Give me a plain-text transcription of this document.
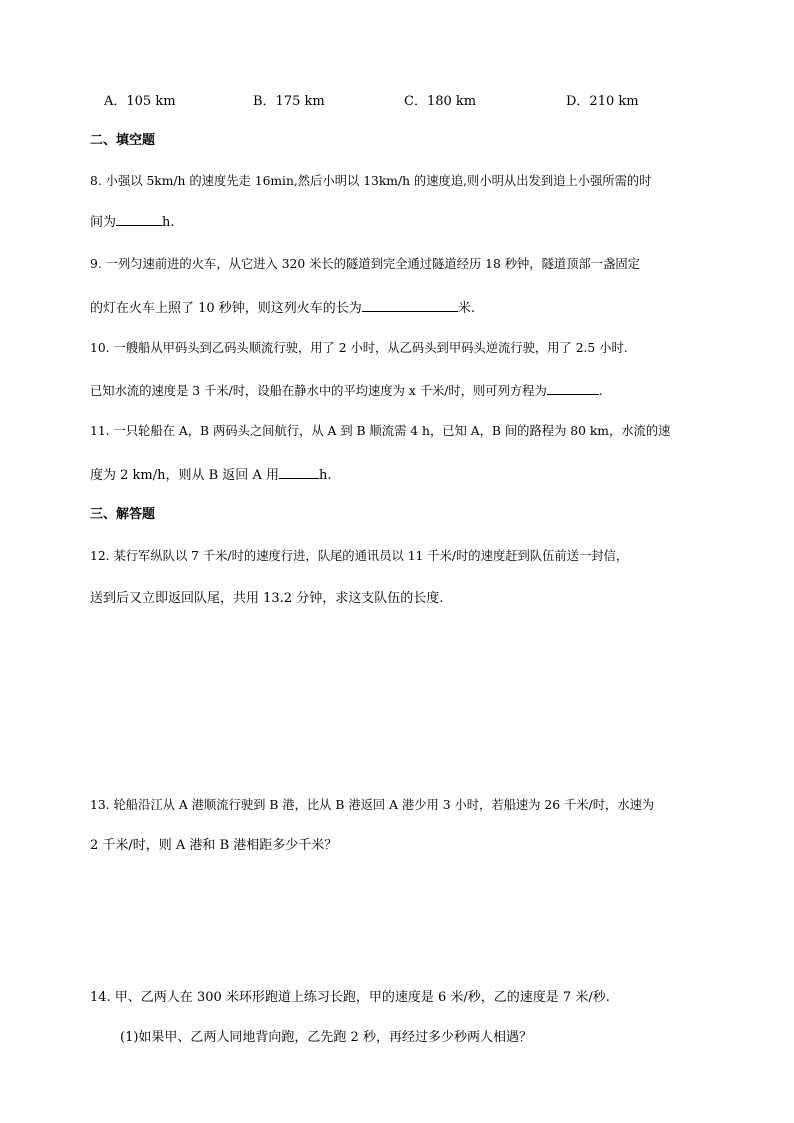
A．105 km	B．175 km	C．180 km	D．210 km
二、填空题
8. 小强以 5km/h 的速度先走 16min,然后小明以 13km/h 的速度追,则小明从出发到追上小强所需的时
间为	h.
9. 一列匀速前进的火车，从它进入 320 米长的隧道到完全通过隧道经历 18 秒钟，隧道顶部一盏固定
的灯在火车上照了 10 秒钟，则这列火车的长为	米.
10. 一艘船从甲码头到乙码头顺流行驶，用了 2 小时，从乙码头到甲码头逆流行驶，用了 2.5 小时.
已知水流的速度是 3 千米/时，设船在静水中的平均速度为 x 千米/时，则可列方程为	.
11. 一只轮船在 A，B 两码头之间航行，从 A 到 B 顺流需 4 h，已知 A，B 间的路程为 80 km，水流的速
度为 2 km/h，则从 B 返回 A 用	h.
三、解答题
12. 某行军纵队以 7 千米/时的速度行进，队尾的通讯员以 11 千米/时的速度赶到队伍前送一封信，
送到后又立即返回队尾，共用 13.2 分钟，求这支队伍的长度.
13. 轮船沿江从 A 港顺流行驶到 B 港，比从 B 港返回 A 港少用 3 小时，若船速为 26 千米/时，水速为
2 千米/时，则 A 港和 B 港相距多少千米？
14. 甲、乙两人在 300 米环形跑道上练习长跑，甲的速度是 6 米/秒，乙的速度是 7 米/秒.
(1)如果甲、乙两人同地背向跑，乙先跑 2 秒，再经过多少秒两人相遇？
